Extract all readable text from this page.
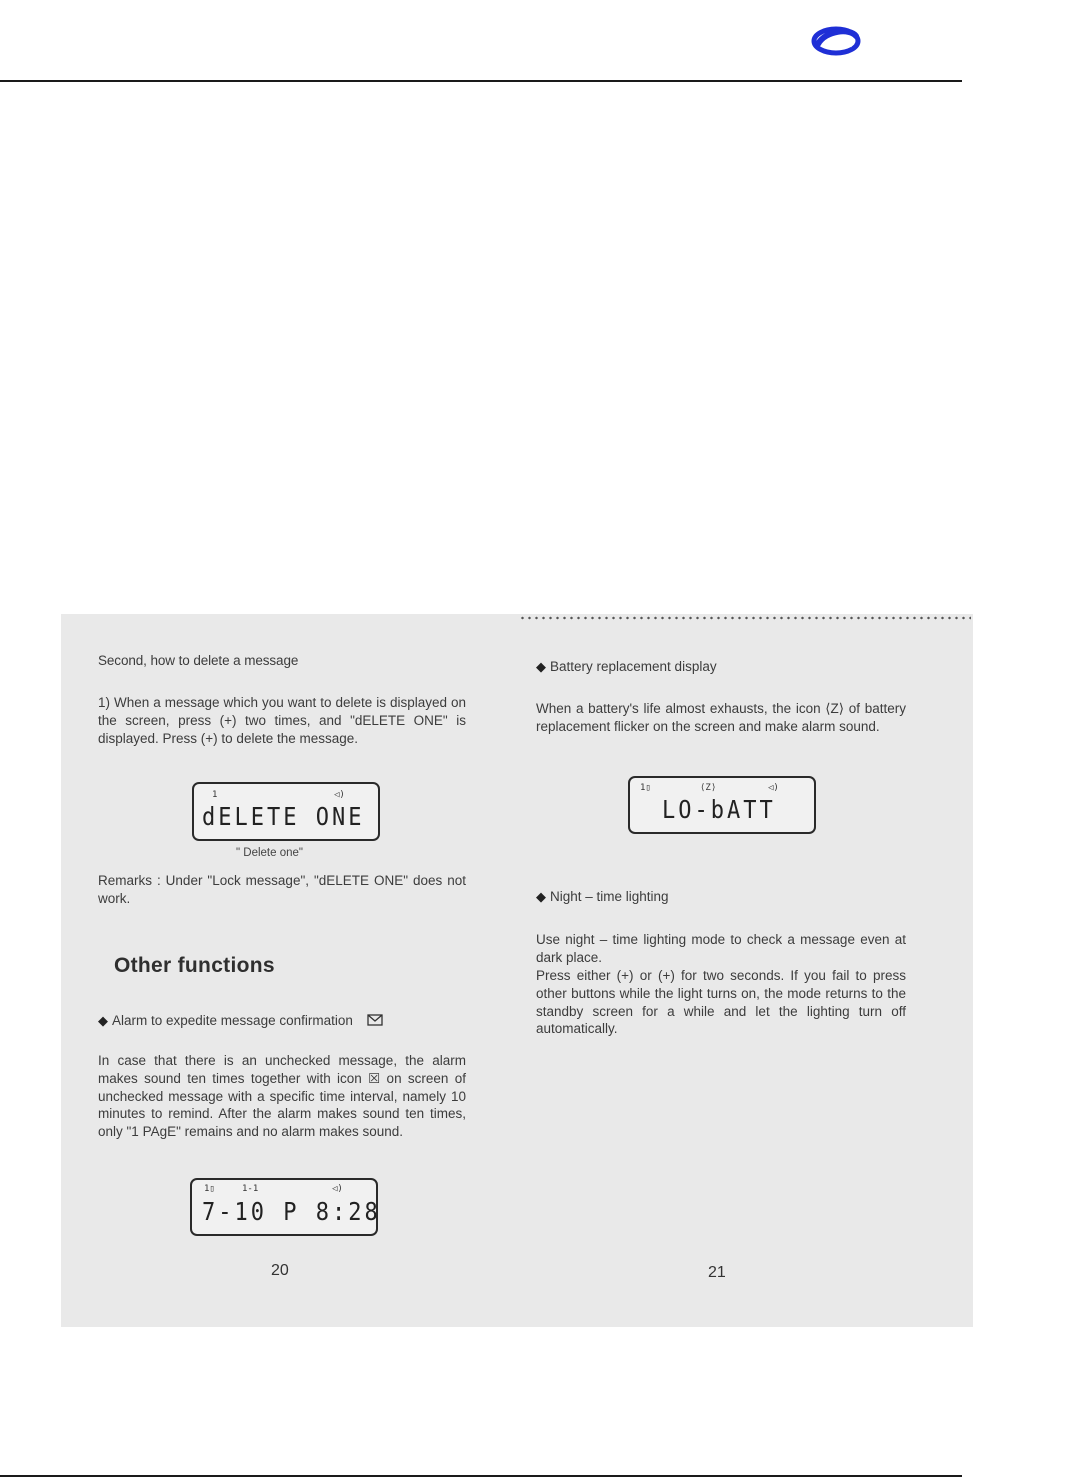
Second, how to delete a message

1) When a message which you want to delete is displayed on the screen, press (+) two times, and "dELETE ONE" is displayed. Press (+) to delete the message.

1	◁)
dELETE ONE
" Delete one"

Remarks : Under "Lock message", "dELETE ONE" does not work.

Other functions
◆ Alarm to expedite message confirmation

In case that there is an unchecked message, the alarm makes sound ten times together with icon ☒ on screen of unchecked message with a specific time interval, namely 10 minutes to remind. After the alarm makes sound ten times, only "1 PAgE" remains and no alarm makes sound.

1▯	1-1	◁)
7-10 P 8:28
20
◆ Battery replacement display

When a battery's life almost exhausts, the icon ⟨Z⟩ of battery replacement flicker on the screen and make alarm sound.

1▯	⟨Z⟩	◁)
LO-bATT
◆ Night – time lighting

Use night – time lighting mode to check a message even at dark place.

Press either (+) or (+) for two seconds. If you fail to press other buttons while the light turns on, the mode returns to the standby screen for a while and let the lighting turn off automatically.

21
